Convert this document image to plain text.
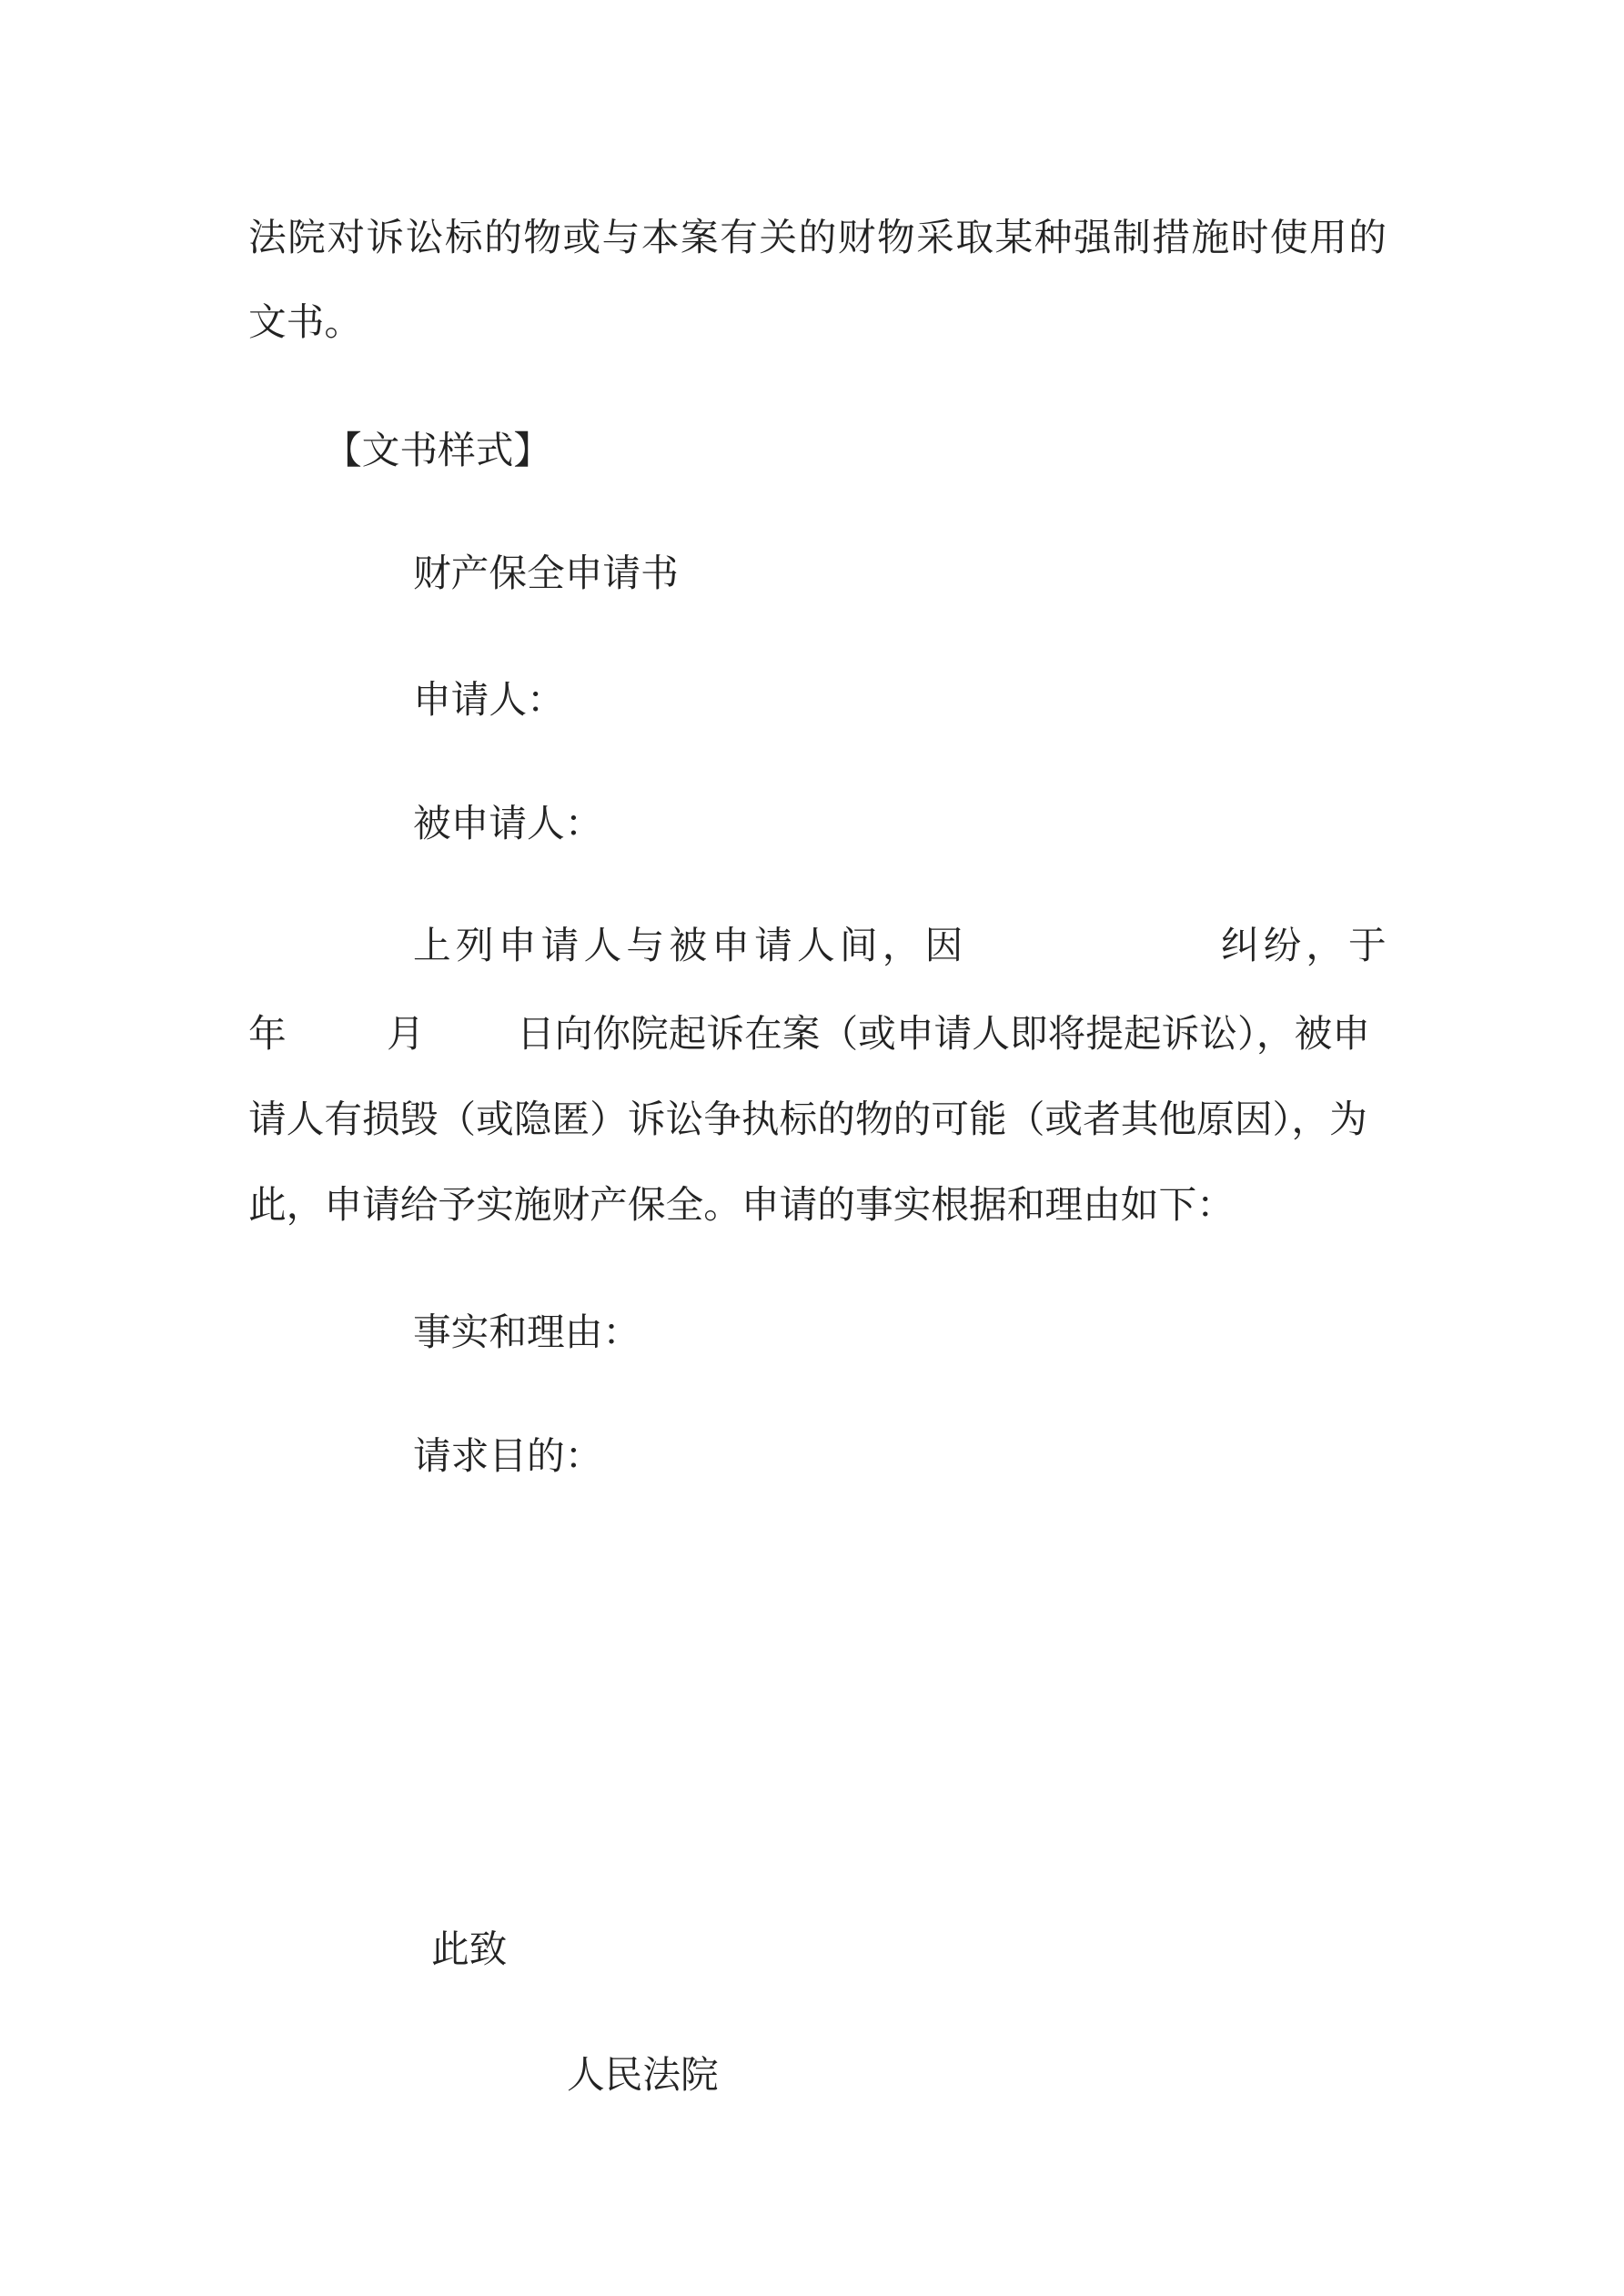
法院对诉讼标的物或与本案有关的财物采取某种强制措施时使用的
文书。
【文书样式】
财产保全申请书
申请人：
被申请人：
上列申请人与被申请人间，因	纠纷，于
年	月 日向你院起诉在案（或申请人即将提起诉讼），被申
请人有损毁（或隐匿）诉讼争执标的物的可能（或者其他原因），为
此，申请给予实施财产保全。申请的事实根据和理由如下：
事实和理由：
请求目的：
此致
人民法院
